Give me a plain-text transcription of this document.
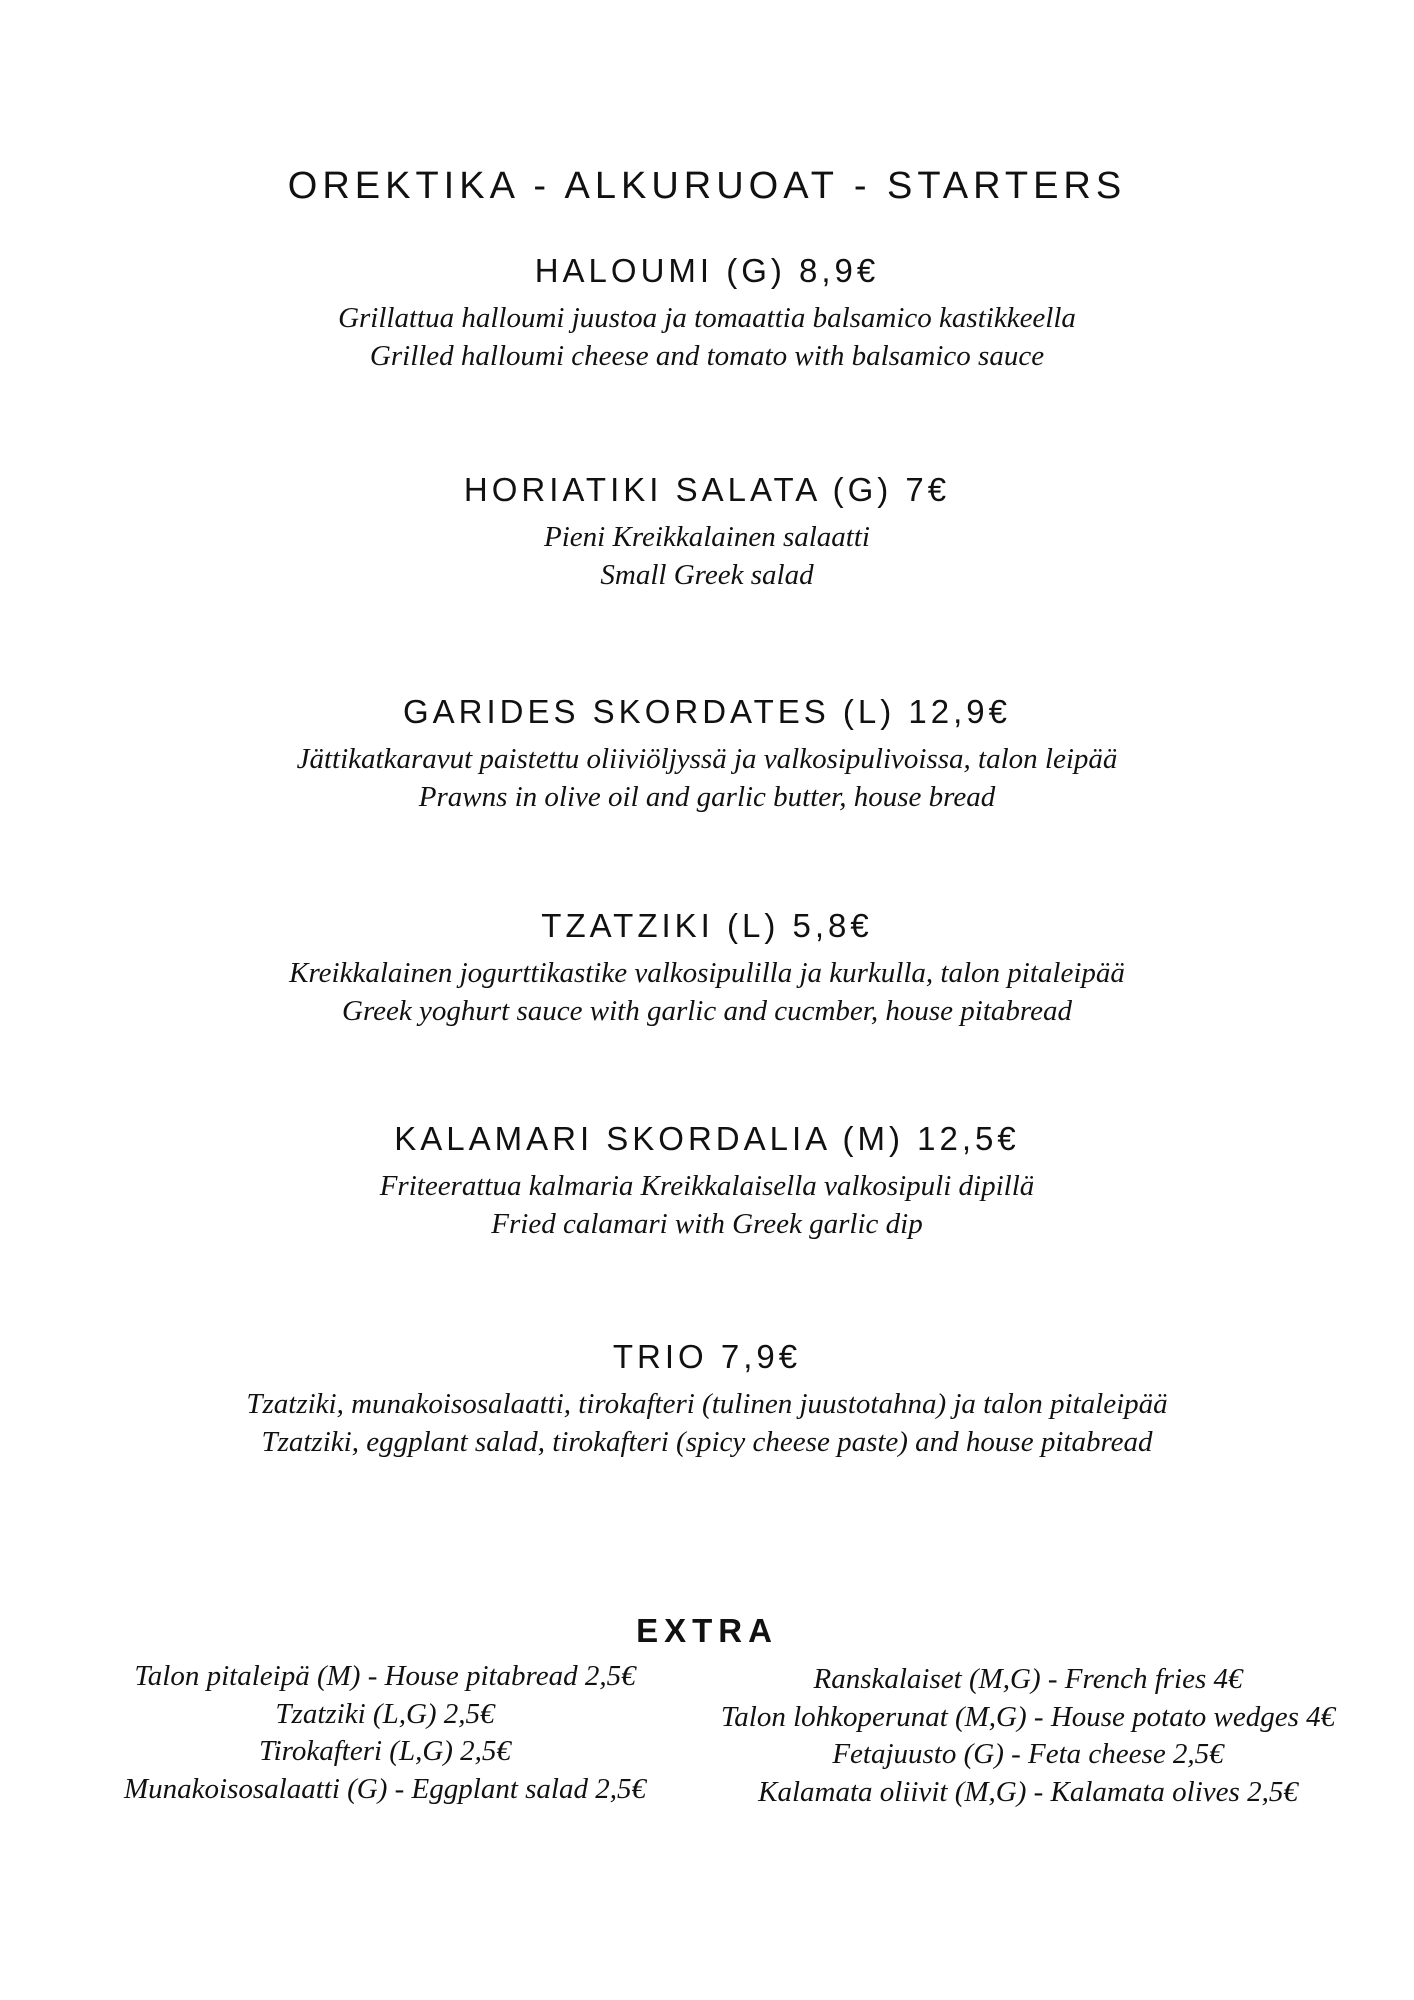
OREKTIKA - ALKURUOAT - STARTERS
HALOUMI (G) 8,9€
Grillattua halloumi juustoa ja tomaattia balsamico kastikkeella
Grilled halloumi cheese and tomato with balsamico sauce
HORIATIKI SALATA (G) 7€
Pieni Kreikkalainen salaatti
Small Greek salad
GARIDES SKORDATES (L) 12,9€
Jättikatkaravut paistettu oliiviöljyssä ja valkosipulivoissa, talon leipää
Prawns in olive oil and garlic butter, house bread
TZATZIKI (L) 5,8€
Kreikkalainen jogurttikastike valkosipulilla ja kurkulla, talon pitaleipää
Greek yoghurt sauce with garlic and cucmber, house pitabread
KALAMARI SKORDALIA (M) 12,5€
Friteerattua kalmaria Kreikkalaisella valkosipuli dipillä
Fried calamari with Greek garlic dip
TRIO 7,9€
Tzatziki, munakoisosalaatti, tirokafteri (tulinen juustotahna) ja talon pitaleipää
Tzatziki, eggplant salad, tirokafteri (spicy cheese paste) and house pitabread
EXTRA
Talon pitaleipä (M) - House pitabread 2,5€
Tzatziki (L,G) 2,5€
Tirokafteri (L,G) 2,5€
Munakoisosalaatti (G) - Eggplant salad 2,5€
Ranskalaiset (M,G) - French fries 4€
Talon lohkoperunat (M,G) - House potato wedges 4€
Fetajuusto (G) - Feta cheese 2,5€
Kalamata oliivit (M,G) - Kalamata olives 2,5€
